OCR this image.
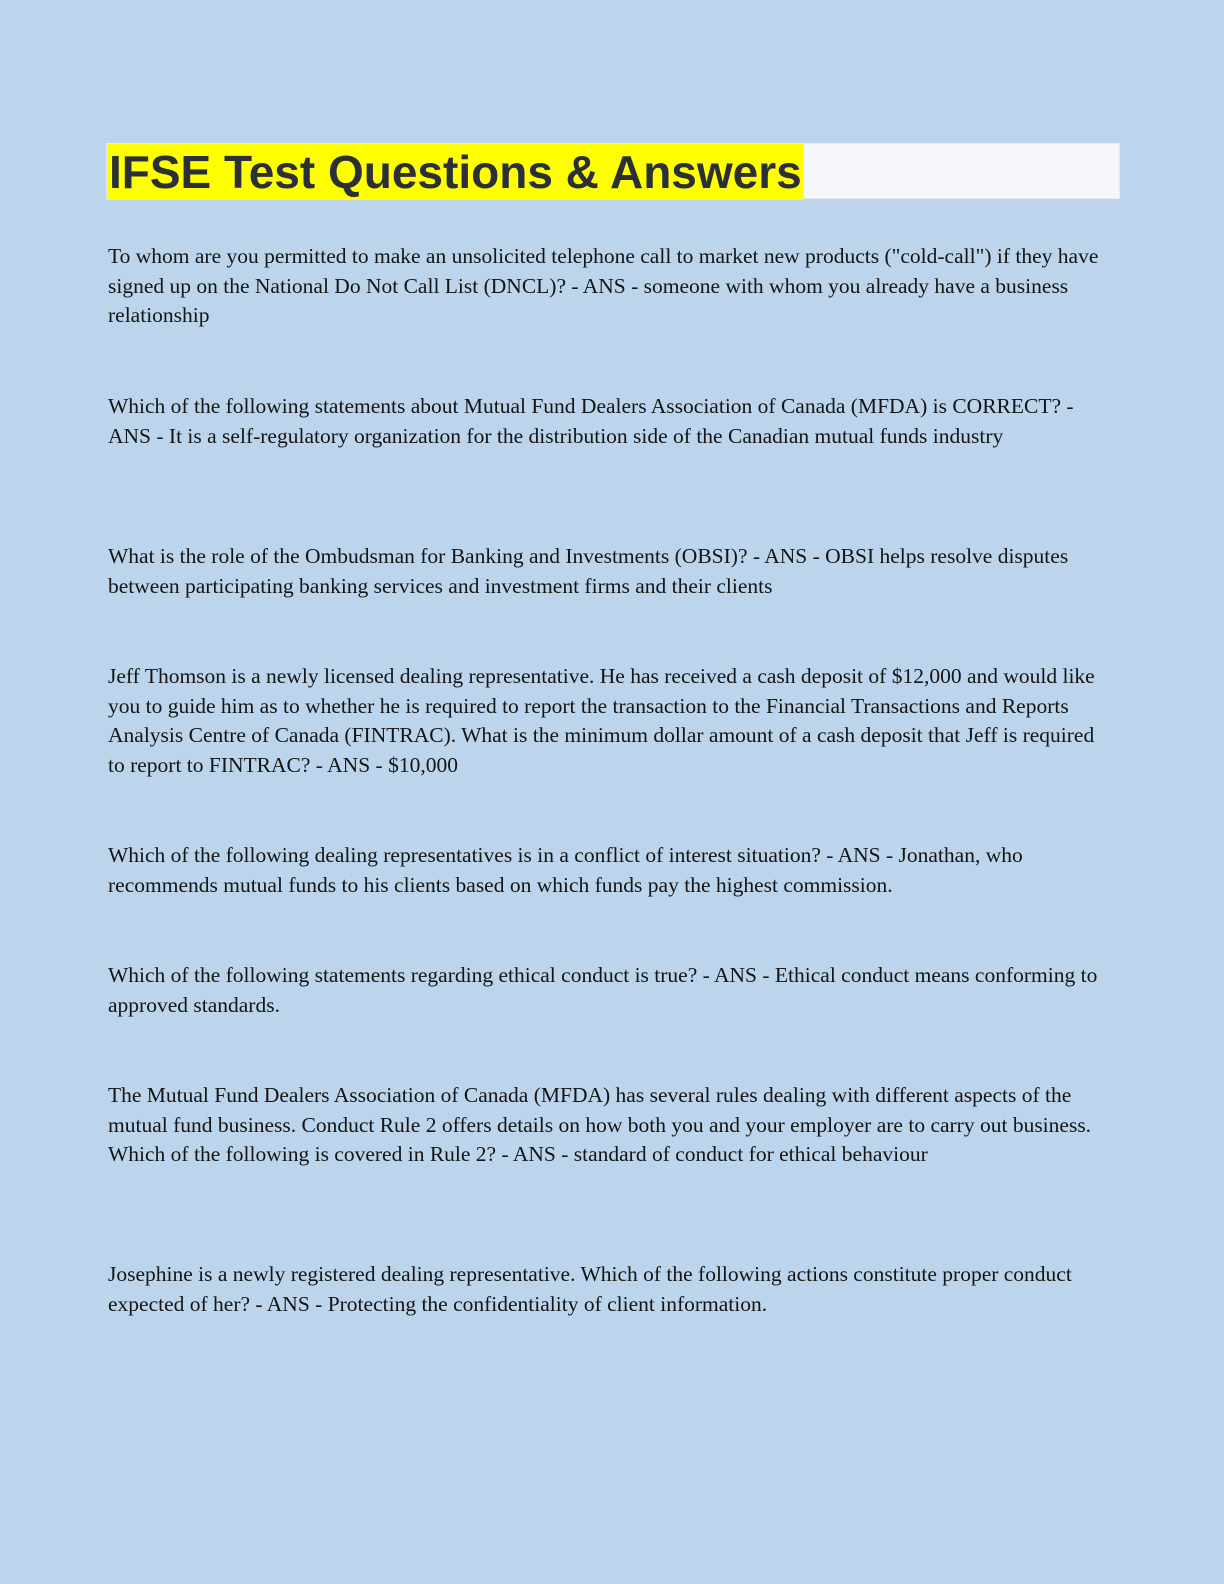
IFSE Test Questions & Answers

To whom are you permitted to make an unsolicited telephone call to market new products ("cold-call") if they have signed up on the National Do Not Call List (DNCL)? - ANS - someone with whom you already have a business relationship

Which of the following statements about Mutual Fund Dealers Association of Canada (MFDA) is CORRECT? - ANS - It is a self-regulatory organization for the distribution side of the Canadian mutual funds industry

What is the role of the Ombudsman for Banking and Investments (OBSI)? - ANS - OBSI helps resolve disputes between participating banking services and investment firms and their clients

Jeff Thomson is a newly licensed dealing representative. He has received a cash deposit of $12,000 and would like you to guide him as to whether he is required to report the transaction to the Financial Transactions and Reports Analysis Centre of Canada (FINTRAC). What is the minimum dollar amount of a cash deposit that Jeff is required to report to FINTRAC? - ANS - $10,000

Which of the following dealing representatives is in a conflict of interest situation? - ANS - Jonathan, who recommends mutual funds to his clients based on which funds pay the highest commission.

Which of the following statements regarding ethical conduct is true? - ANS - Ethical conduct means conforming to approved standards.

The Mutual Fund Dealers Association of Canada (MFDA) has several rules dealing with different aspects of the mutual fund business. Conduct Rule 2 offers details on how both you and your employer are to carry out business. Which of the following is covered in Rule 2? - ANS - standard of conduct for ethical behaviour

Josephine is a newly registered dealing representative. Which of the following actions constitute proper conduct expected of her? - ANS - Protecting the confidentiality of client information.
